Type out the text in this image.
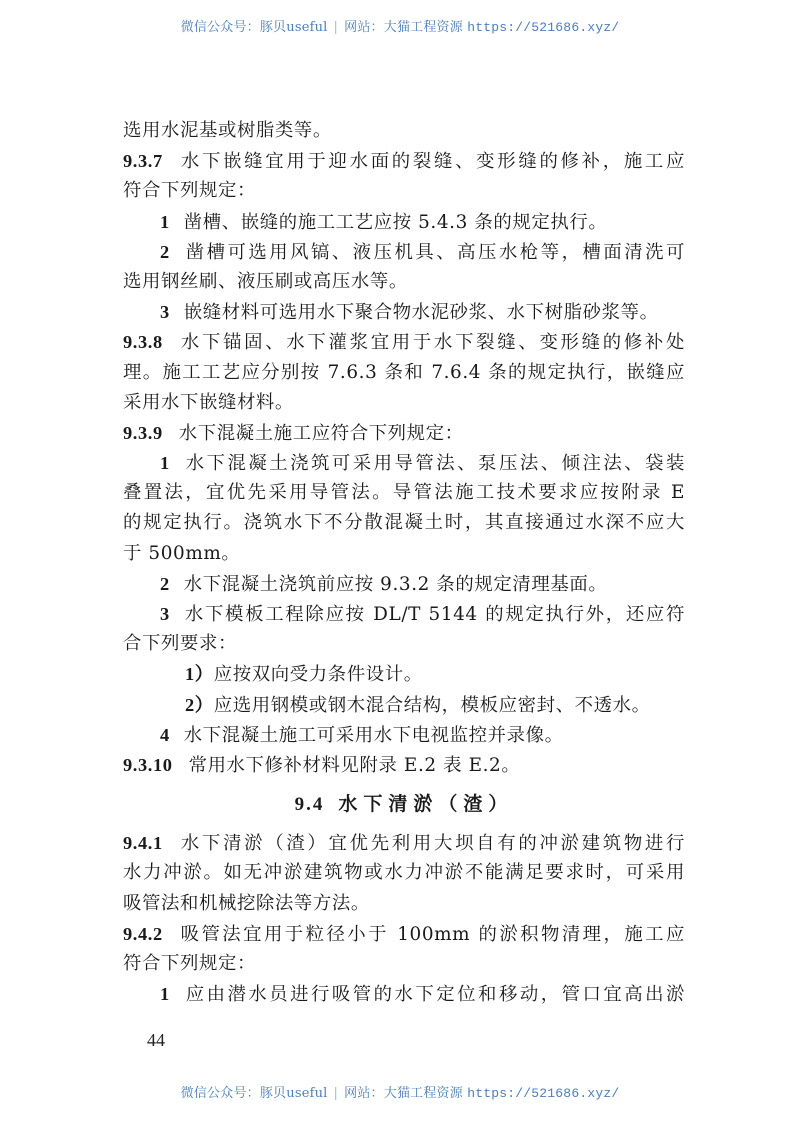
微信公众号：豚贝useful | 网站：大猫工程资源 https://521686.xyz/
选用水泥基或树脂类等。
9.3.7 水下嵌缝宜用于迎水面的裂缝、变形缝的修补，施工应
符合下列规定：
1 凿槽、嵌缝的施工工艺应按 5.4.3 条的规定执行。
2 凿槽可选用风镐、液压机具、高压水枪等，槽面清洗可
选用钢丝刷、液压刷或高压水等。
3 嵌缝材料可选用水下聚合物水泥砂浆、水下树脂砂浆等。
9.3.8 水下锚固、水下灌浆宜用于水下裂缝、变形缝的修补处
理。施工工艺应分别按 7.6.3 条和 7.6.4 条的规定执行，嵌缝应
采用水下嵌缝材料。
9.3.9 水下混凝土施工应符合下列规定：
1 水下混凝土浇筑可采用导管法、泵压法、倾注法、袋装
叠置法，宜优先采用导管法。导管法施工技术要求应按附录 E
的规定执行。浇筑水下不分散混凝土时，其直接通过水深不应大
于 500mm。
2 水下混凝土浇筑前应按 9.3.2 条的规定清理基面。
3 水下模板工程除应按 DL/T 5144 的规定执行外，还应符
合下列要求：
1）应按双向受力条件设计。
2）应选用钢模或钢木混合结构，模板应密封、不透水。
4 水下混凝土施工可采用水下电视监控并录像。
9.3.10 常用水下修补材料见附录 E.2 表 E.2。
9.4 水下清淤（渣）
9.4.1 水下清淤（渣）宜优先利用大坝自有的冲淤建筑物进行
水力冲淤。如无冲淤建筑物或水力冲淤不能满足要求时，可采用
吸管法和机械挖除法等方法。
9.4.2 吸管法宜用于粒径小于 100mm 的淤积物清理，施工应
符合下列规定：
1 应由潜水员进行吸管的水下定位和移动，管口宜高出淤
44
微信公众号：豚贝useful | 网站：大猫工程资源 https://521686.xyz/
